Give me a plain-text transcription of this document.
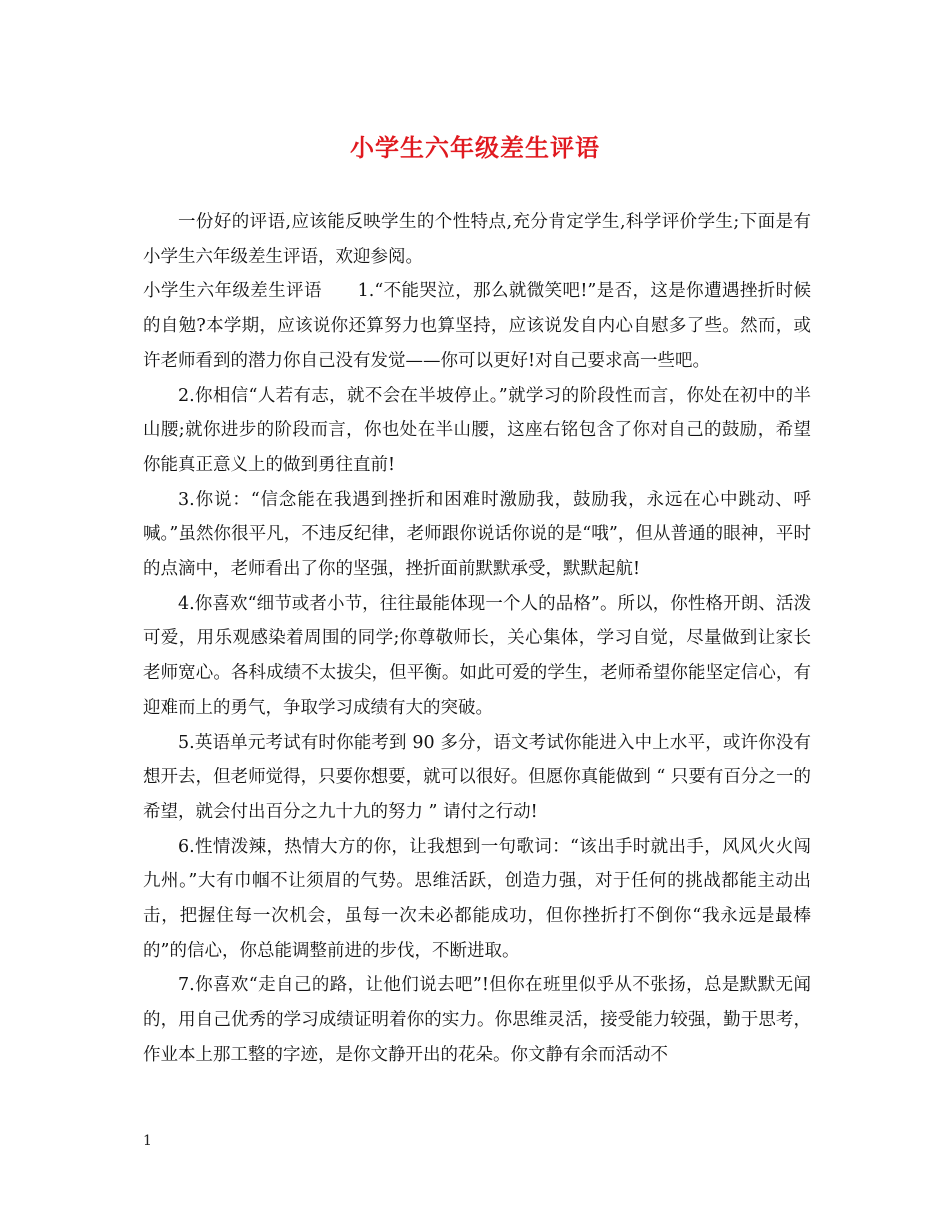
小学生六年级差生评语

一份好的评语,应该能反映学生的个性特点,充分肯定学生,科学评价学生;下面是有小学生六年级差生评语，欢迎参阅。

小学生六年级差生评语　　1.“不能哭泣，那么就微笑吧!”是否，这是你遭遇挫折时候的自勉?本学期，应该说你还算努力也算坚持，应该说发自内心自慰多了些。然而，或许老师看到的潜力你自己没有发觉——你可以更好!对自己要求高一些吧。

2.你相信“人若有志，就不会在半坡停止。”就学习的阶段性而言，你处在初中的半山腰;就你进步的阶段而言，你也处在半山腰，这座右铭包含了你对自己的鼓励，希望你能真正意义上的做到勇往直前!

3.你说：“信念能在我遇到挫折和困难时激励我，鼓励我，永远在心中跳动、呼喊。”虽然你很平凡，不违反纪律，老师跟你说话你说的是“哦”，但从普通的眼神，平时的点滴中，老师看出了你的坚强，挫折面前默默承受，默默起航!

4.你喜欢“细节或者小节，往往最能体现一个人的品格”。所以，你性格开朗、活泼可爱，用乐观感染着周围的同学;你尊敬师长，关心集体，学习自觉，尽量做到让家长老师宽心。各科成绩不太拔尖，但平衡。如此可爱的学生，老师希望你能坚定信心，有迎难而上的勇气，争取学习成绩有大的突破。

5.英语单元考试有时你能考到 90 多分，语文考试你能进入中上水平，或许你没有想开去，但老师觉得，只要你想要，就可以很好。但愿你真能做到 “ 只要有百分之一的希望，就会付出百分之九十九的努力 ” 请付之行动!

6.性情泼辣，热情大方的你，让我想到一句歌词：“该出手时就出手，风风火火闯九州。”大有巾帼不让须眉的气势。思维活跃，创造力强，对于任何的挑战都能主动出击，把握住每一次机会，虽每一次未必都能成功，但你挫折打不倒你“我永远是最棒的”的信心，你总能调整前进的步伐，不断进取。

7.你喜欢“走自己的路，让他们说去吧”!但你在班里似乎从不张扬，总是默默无闻的，用自己优秀的学习成绩证明着你的实力。你思维灵活，接受能力较强，勤于思考，作业本上那工整的字迹，是你文静开出的花朵。你文静有余而活动不

1
